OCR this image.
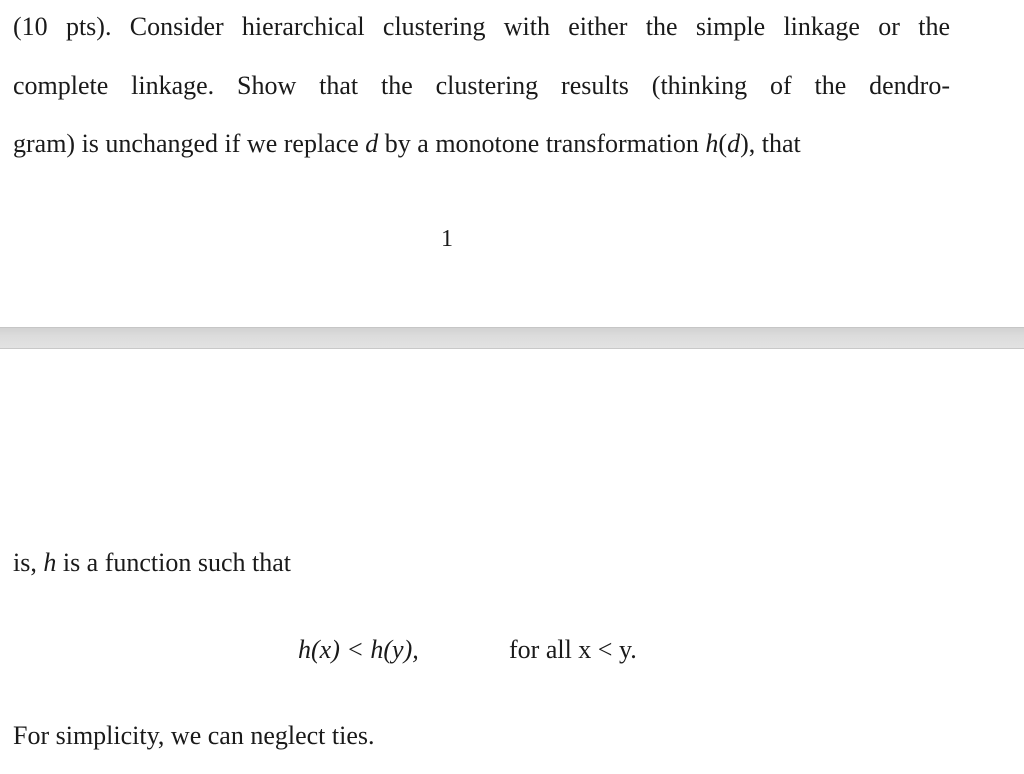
(10 pts). Consider hierarchical clustering with either the simple linkage or the
complete linkage. Show that the clustering results (thinking of the dendro-
gram) is unchanged if we replace d by a monotone transformation h(d), that
1
is, h is a function such that
h(x) < h(y),	for all x < y.
For simplicity, we can neglect ties.
